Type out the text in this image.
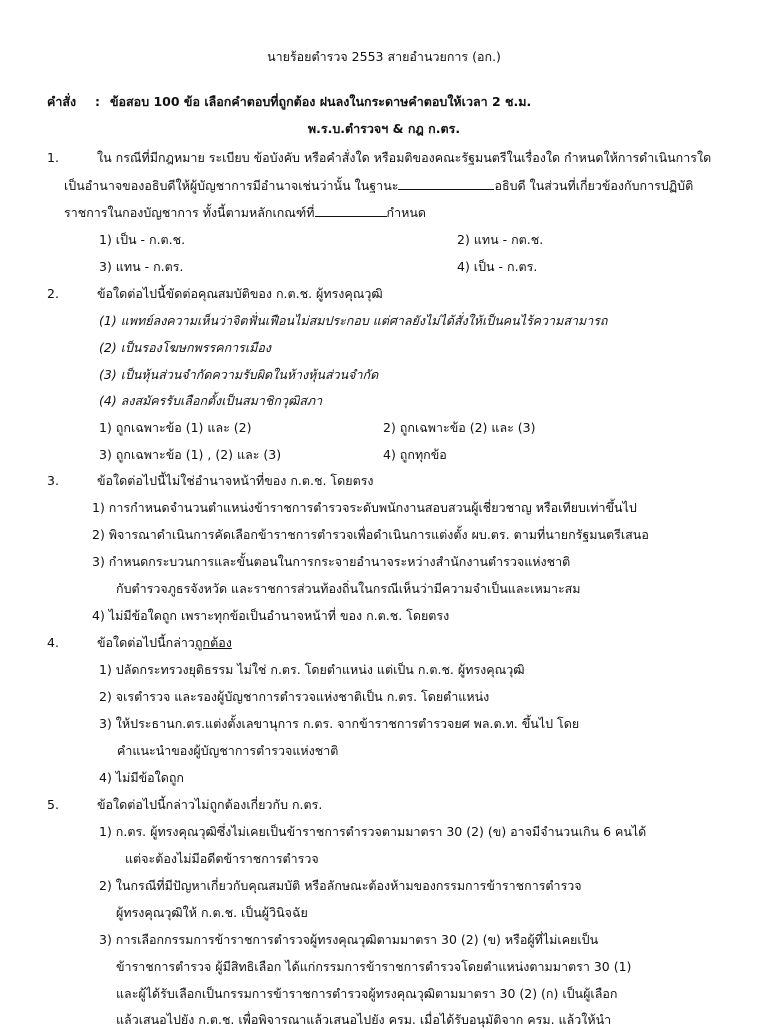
นายร้อยตำรวจ 2553 สายอำนวยการ (อก.)
คำสั่ง : ข้อสอบ 100 ข้อ เลือกคำตอบที่ถูกต้อง ฝนลงในกระดาษคำตอบให้เวลา 2 ช.ม.
พ.ร.บ.ตำรวจฯ & กฎ ก.ตร.
1.	ใน กรณีที่มีกฎหมาย ระเบียบ ข้อบังคับ หรือคำสั่งใด หรือมติของคณะรัฐมนตรีในเรื่องใด กำหนดให้การดำเนินการใด
เป็นอำนาจของอธิบดีให้ผู้บัญชาการมีอำนาจเช่นว่านั้น ในฐานะ	อธิบดี ในส่วนที่เกี่ยวข้องกับการปฏิบัติ
ราชการในกองบัญชาการ ทั้งนี้ตามหลักเกณฑ์ที่	กำหนด
1) เป็น - ก.ต.ช.	2) แทน - กต.ช.
3) แทน - ก.ตร.	4) เป็น - ก.ตร.
2.	ข้อใดต่อไปนี้ขัดต่อคุณสมบัติของ ก.ต.ช. ผู้ทรงคุณวุฒิ
(1) แพทย์ลงความเห็นว่าจิตฟั่นเฟือนไม่สมประกอบ แต่ศาลยังไม่ได้สั่งให้เป็นคนไร้ความสามารถ
(2) เป็นรองโฆษกพรรคการเมือง
(3) เป็นหุ้นส่วนจำกัดความรับผิดในห้างหุ้นส่วนจำกัด
(4) ลงสมัครรับเลือกตั้งเป็นสมาชิกวุฒิสภา
1) ถูกเฉพาะข้อ (1) และ (2)	2) ถูกเฉพาะข้อ (2) และ (3)
3) ถูกเฉพาะข้อ (1) , (2) และ (3)	4) ถูกทุกข้อ
3.	ข้อใดต่อไปนี้ไม่ใช่อำนาจหน้าที่ของ ก.ต.ช. โดยตรง
1) การกำหนดจำนวนตำแหน่งข้าราชการตำรวจระดับพนักงานสอบสวนผู้เชี่ยวชาญ หรือเทียบเท่าขึ้นไป
2) พิจารณาดำเนินการคัดเลือกข้าราชการตำรวจเพื่อดำเนินการแต่งตั้ง ผบ.ตร. ตามที่นายกรัฐมนตรีเสนอ
3) กำหนดกระบวนการและขั้นตอนในการกระจายอำนาจระหว่างสำนักงานตำรวจแห่งชาติ
กับตำรวจภูธรจังหวัด และราชการส่วนท้องถิ่นในกรณีเห็นว่ามีความจำเป็นและเหมาะสม
4) ไม่มีข้อใดถูก เพราะทุกข้อเป็นอำนาจหน้าที่ ของ ก.ต.ช. โดยตรง
4.	ข้อใดต่อไปนี้กล่าวถูกต้อง
1) ปลัดกระทรวงยุติธรรม ไม่ใช่ ก.ตร. โดยตำแหน่ง แต่เป็น ก.ต.ช. ผู้ทรงคุณวุฒิ
2) จเรตำรวจ และรองผู้บัญชาการตำรวจแห่งชาติเป็น ก.ตร. โดยตำแหน่ง
3) ให้ประธานก.ตร.แต่งตั้งเลขานุการ ก.ตร. จากข้าราชการตำรวจยศ พล.ต.ท. ขึ้นไป โดย
คำแนะนำของผู้บัญชาการตำรวจแห่งชาติ
4) ไม่มีข้อใดถูก
5.	ข้อใดต่อไปนี้กล่าวไม่ถูกต้องเกี่ยวกับ ก.ตร.
1) ก.ตร. ผู้ทรงคุณวุฒิซึ่งไม่เคยเป็นข้าราชการตำรวจตามมาตรา 30 (2) (ข) อาจมีจำนวนเกิน 6 คนได้
แต่จะต้องไม่มีอดีตข้าราชการตำรวจ
2) ในกรณีที่มีปัญหาเกี่ยวกับคุณสมบัติ หรือลักษณะต้องห้ามของกรรมการข้าราชการตำรวจ
ผู้ทรงคุณวุฒิให้ ก.ต.ช. เป็นผู้วินิจฉัย
3) การเลือกกรรมการข้าราชการตำรวจผู้ทรงคุณวุฒิตามมาตรา 30 (2) (ข) หรือผู้ที่ไม่เคยเป็น
ข้าราชการตำรวจ ผู้มีสิทธิเลือก ได้แก่กรรมการข้าราชการตำรวจโดยตำแหน่งตามมาตรา 30 (1)
และผู้ได้รับเลือกเป็นกรรมการข้าราชการตำรวจผู้ทรงคุณวุฒิตามมาตรา 30 (2) (ก) เป็นผู้เลือก
แล้วเสนอไปยัง ก.ต.ช. เพื่อพิจารณาแล้วเสนอไปยัง ครม. เมื่อได้รับอนุมัติจาก ครม. แล้วให้นำ
